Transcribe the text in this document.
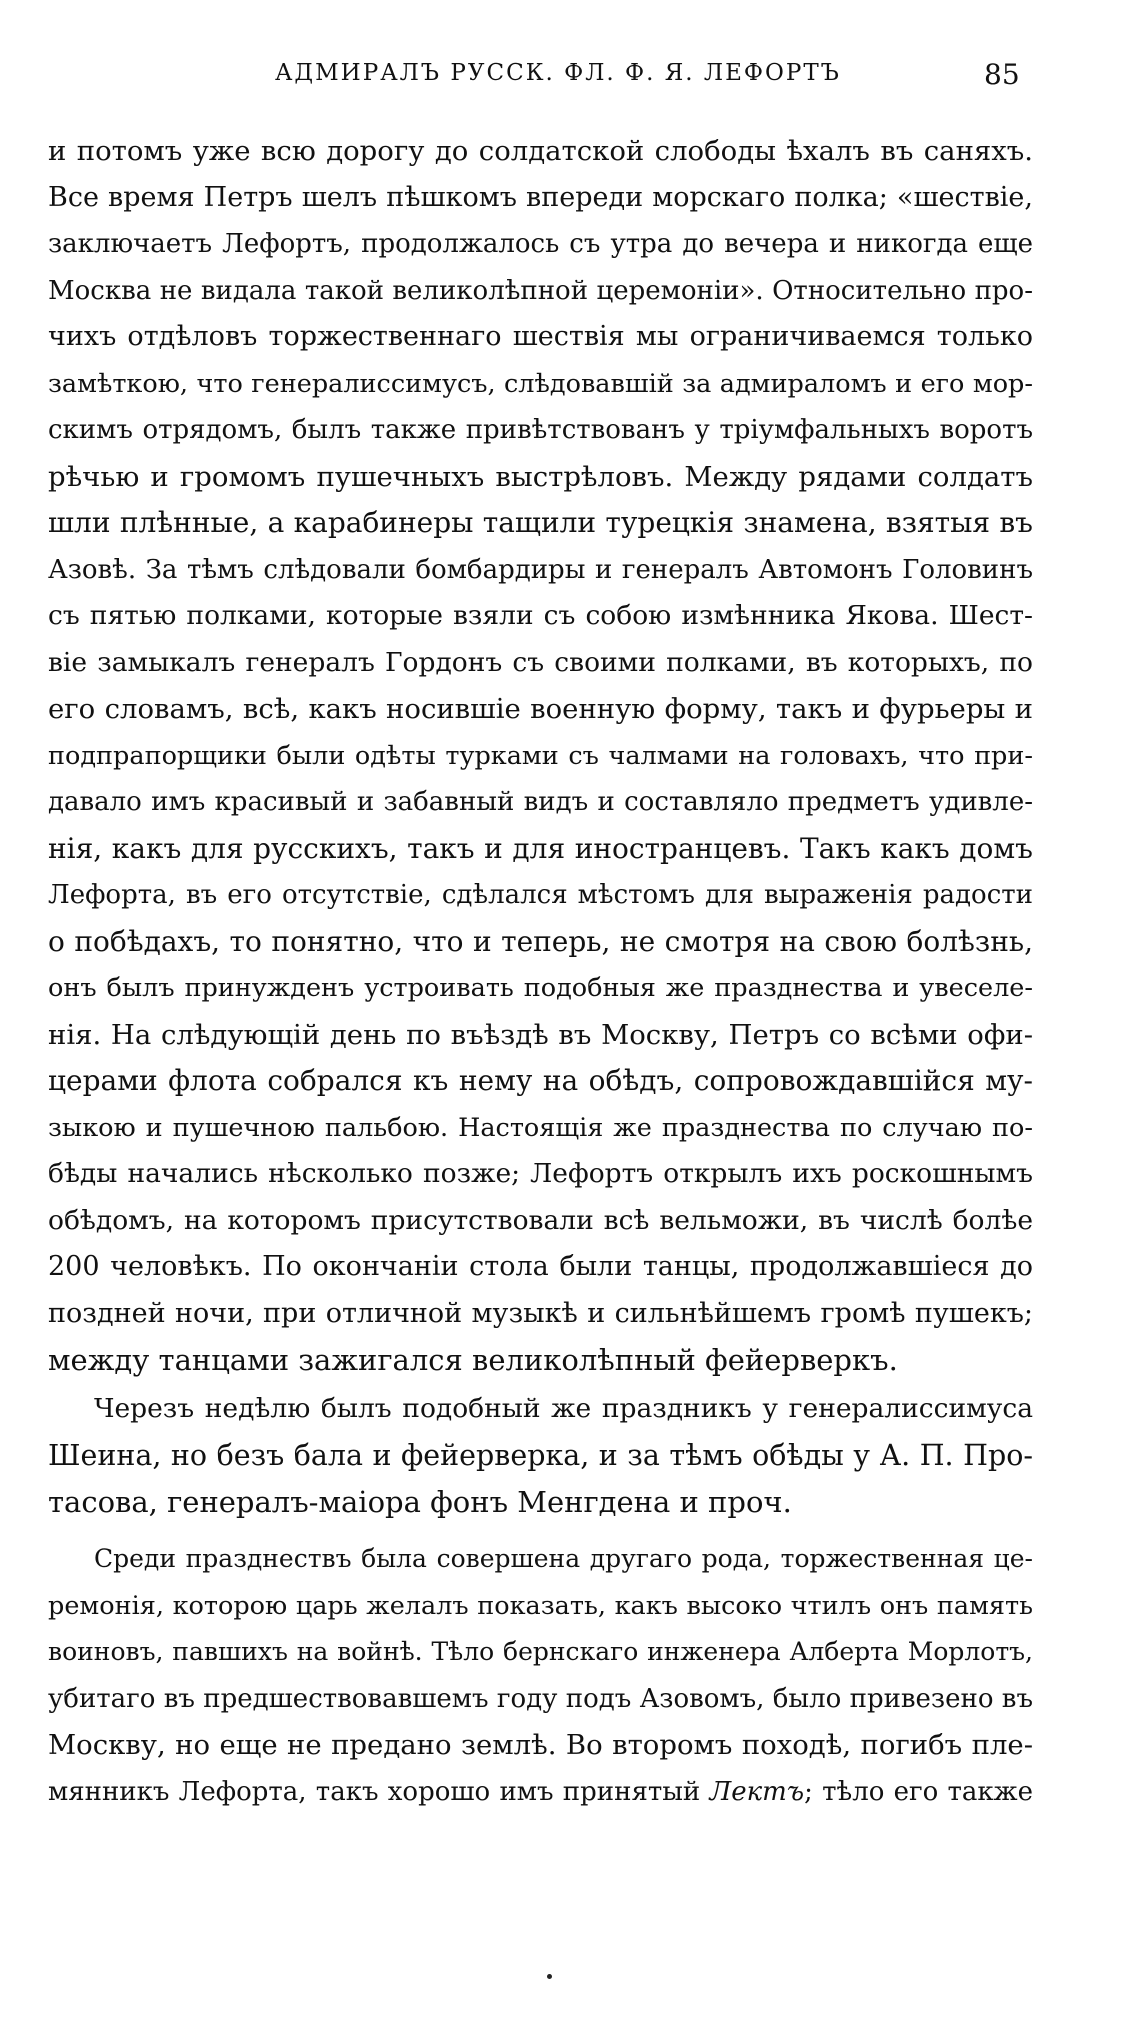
АДМИРАЛЪ РУССК. ФЛ. Ф. Я. ЛЕФОРТЪ	85
и потомъ уже всю дорогу до солдатской слободы ѣхалъ въ саняхъ.
Все время Петръ шелъ пѣшкомъ впереди морскаго полка; «шествіе,
заключаетъ Лефортъ, продолжалось съ утра до вечера и никогда еще
Москва не видала такой великолѣпной церемоніи». Относительно про-
чихъ отдѣловъ торжественнаго шествія мы ограничиваемся только
замѣткою, что генералиссимусъ, слѣдовавшій за адмираломъ и его мор-
скимъ отрядомъ, былъ также привѣтствованъ у тріумфальныхъ воротъ
рѣчью и громомъ пушечныхъ выстрѣловъ. Между рядами солдатъ
шли плѣнные, а карабинеры тащили турецкія знамена, взятыя въ
Азовѣ. За тѣмъ слѣдовали бомбардиры и генералъ Автомонъ Головинъ
съ пятью полками, которые взяли съ собою измѣнника Якова. Шест-
віе замыкалъ генералъ Гордонъ съ своими полками, въ которыхъ, по
его словамъ, всѣ, какъ носившіе военную форму, такъ и фурьеры и
подпрапорщики были одѣты турками съ чалмами на головахъ, что при-
давало имъ красивый и забавный видъ и составляло предметъ удивле-
нія, какъ для русскихъ, такъ и для иностранцевъ. Такъ какъ домъ
Лефорта, въ его отсутствіе, сдѣлался мѣстомъ для выраженія радости
о побѣдахъ, то понятно, что и теперь, не смотря на свою болѣзнь,
онъ былъ принужденъ устроивать подобныя же празднества и увеселе-
нія. На слѣдующій день по въѣздѣ въ Москву, Петръ со всѣми офи-
церами флота собрался къ нему на обѣдъ, сопровождавшійся му-
зыкою и пушечною пальбою. Настоящія же празднества по случаю по-
бѣды начались нѣсколько позже; Лефортъ открылъ ихъ роскошнымъ
обѣдомъ, на которомъ присутствовали всѣ вельможи, въ числѣ болѣе
200 человѣкъ. По окончаніи стола были танцы, продолжавшіеся до
поздней ночи, при отличной музыкѣ и сильнѣйшемъ громѣ пушекъ;
между танцами зажигался великолѣпный фейерверкъ.
Черезъ недѣлю былъ подобный же праздникъ у генералиссимуса
Шеина, но безъ бала и фейерверка, и за тѣмъ обѣды у А. П. Про-
тасова, генералъ-маіора фонъ Менгдена и проч.
Среди празднествъ была совершена другаго рода, торжественная це-
ремонія, которою царь желалъ показать, какъ высоко чтилъ онъ память
воиновъ, павшихъ на войнѣ. Тѣло бернскаго инженера Алберта Морлотъ,
убитаго въ предшествовавшемъ году подъ Азовомъ, было привезено въ
Москву, но еще не предано землѣ. Во второмъ походѣ, погибъ пле-
мянникъ Лефорта, такъ хорошо имъ принятый Лектъ; тѣло его также
